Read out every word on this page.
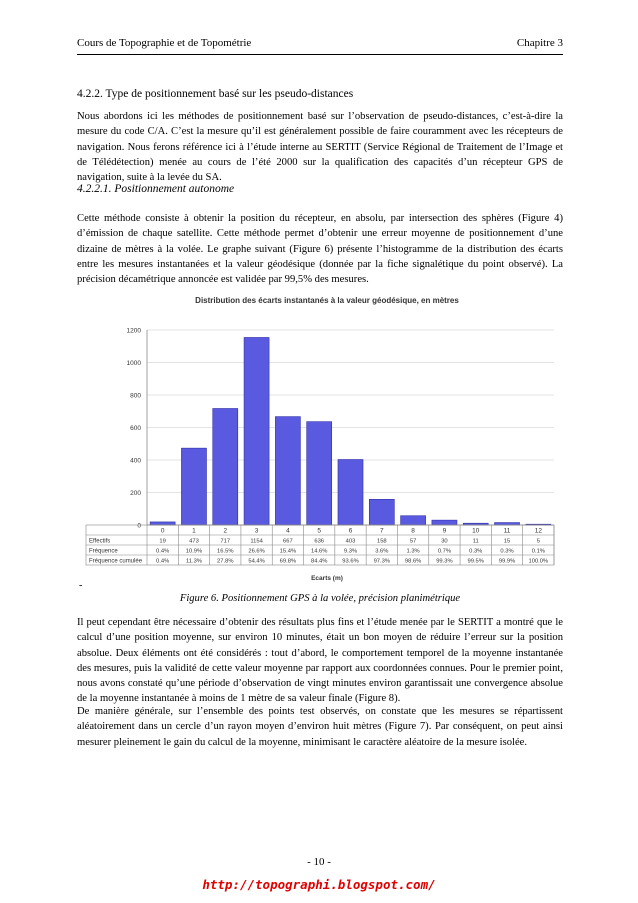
Cours de Topographie et de Topométrie	Chapitre 3
4.2.2. Type de positionnement basé sur les pseudo-distances
Nous abordons ici les méthodes de positionnement basé sur l’observation de pseudo-distances, c’est-à-dire la mesure du code C/A. C’est la mesure qu’il est généralement possible de faire couramment avec les récepteurs de navigation. Nous ferons référence ici à l’étude interne au SERTIT (Service Régional de Traitement de l’Image et de Télédétection) menée au cours de l’été 2000 sur la qualification des capacités d’un récepteur GPS de navigation, suite à la levée du SA.
4.2.2.1. Positionnement autonome
Cette méthode consiste à obtenir la position du récepteur, en absolu, par intersection des sphères (Figure 4) d’émission de chaque satellite. Cette méthode permet d’obtenir une erreur moyenne de positionnement d’une dizaine de mètres à la volée. Le graphe suivant (Figure 6) présente l’histogramme de la distribution des écarts entre les mesures instantanées et la valeur géodésique (donnée par la fiche signalétique du point observé). La précision décamétrique annoncée est validée par 99,5% des mesures.
Distribution des écarts instantanés à la valeur géodésique, en mètres
0
200
400
600
800
1000
1200
0	1	2	3	4	5	6	7	8	9	10	11	12
Effectifs	19	473	717	1154	667	636	403	158	57	30	11	15	5
Fréquence	0.4%	10.9%	16.5%	26.6%	15.4%	14.6%	9.3%	3.6%	1.3%	0.7%	0.3%	0.3%	0.1%
Fréquence cumulée 0.4%	11.3%	27.8%	54.4%	69.8%	84.4%	93.6%	97.3%	98.6%	99.3%	99.5%	99.9% 100.0%
Ecarts (m)
-
Figure 6. Positionnement GPS à la volée, précision planimétrique
Il peut cependant être nécessaire d’obtenir des résultats plus fins et l’étude menée par le SERTIT a montré que le calcul d’une position moyenne, sur environ 10 minutes, était un bon moyen de réduire l’erreur sur la position absolue. Deux éléments ont été considérés : tout d’abord, le comportement temporel de la moyenne instantanée des mesures, puis la validité de cette valeur moyenne par rapport aux coordonnées connues. Pour le premier point, nous avons constaté qu’une période d’observation de vingt minutes environ garantissait une convergence absolue de la moyenne instantanée à moins de 1 mètre de sa valeur finale (Figure 8).
De manière générale, sur l’ensemble des points test observés, on constate que les mesures se répartissent aléatoirement dans un cercle d’un rayon moyen d’environ huit mètres (Figure 7). Par conséquent, on peut ainsi mesurer pleinement le gain du calcul de la moyenne, minimisant le caractère aléatoire de la mesure isolée.
- 10 -
http://topographi.blogspot.com/
